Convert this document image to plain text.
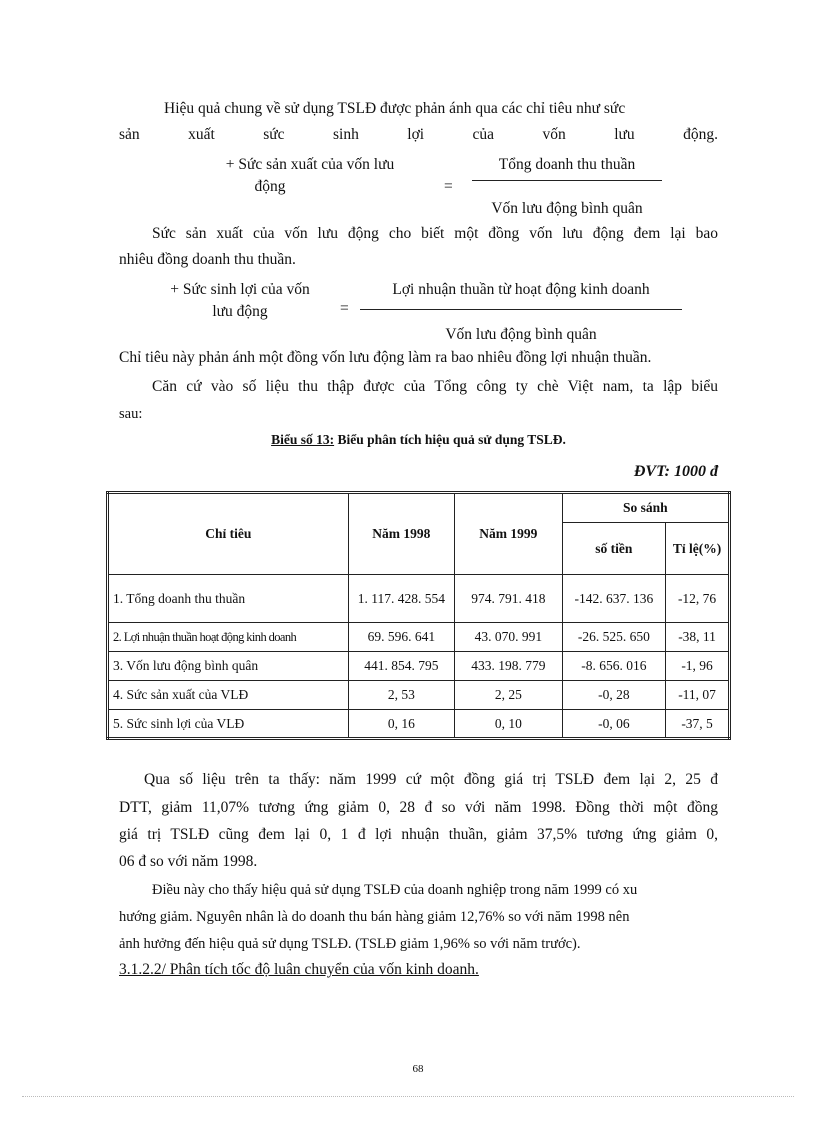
Hiệu quả chung về sử dụng TSLĐ được phản ánh qua các chỉ tiêu như sức
sản xuất sức sinh lợi của vốn lưu động.
+ Sức sản xuất của vốn lưu
động	=
Tổng doanh thu thuần
Vốn lưu động bình quân
Sức sản xuất của vốn lưu động cho biết một đồng vốn lưu động đem lại bao
nhiêu đồng doanh thu thuần.
+ Sức sinh lợi của vốn
lưu động	=
Lợi nhuận thuần từ hoạt động kinh doanh
Vốn lưu động bình quân
Chỉ tiêu này phản ánh một đồng vốn lưu động làm ra bao nhiêu đồng lợi nhuận thuần.
Căn cứ vào số liệu thu thập được của Tổng công ty chè Việt nam, ta lập biểu
sau:
Biểu số 13: Biểu phân tích hiệu quả sử dụng TSLĐ.
ĐVT: 1000 đ
Chỉ tiêu	Năm 1998	Năm 1999	So sánh	
			số tiền	Tỉ lệ(%)
1. Tổng doanh thu thuần	1. 117. 428. 554	974. 791. 418	-142. 637. 136	-12, 76
2. Lợi nhuận thuần hoạt động kinh doanh	69. 596. 641	43. 070. 991	-26. 525. 650	-38, 11
3. Vốn lưu động bình quân	441. 854. 795	433. 198. 779	-8. 656. 016	-1, 96
4. Sức sản xuất của VLĐ	2, 53	2, 25	-0, 28	-11, 07
5. Sức sinh lợi của VLĐ	0, 16	0, 10	-0, 06	-37, 5
Qua số liệu trên ta thấy: năm 1999 cứ một đồng giá trị TSLĐ đem lại 2, 25 đ
DTT, giảm 11,07% tương ứng giảm 0, 28 đ so với năm 1998. Đồng thời một đồng
giá trị TSLĐ cũng đem lại 0, 1 đ lợi nhuận thuần, giảm 37,5% tương ứng giảm 0,
06 đ so với năm 1998.
Điều này cho thấy hiệu quả sử dụng TSLĐ của doanh nghiệp trong năm 1999 có xu
hướng giảm. Nguyên nhân là do doanh thu bán hàng giảm 12,76% so với năm 1998 nên
ảnh hưởng đến hiệu quả sử dụng TSLĐ. (TSLĐ giảm 1,96% so với năm trước).
3.1.2.2/ Phân tích tốc độ luân chuyển của vốn kinh doanh.
68
